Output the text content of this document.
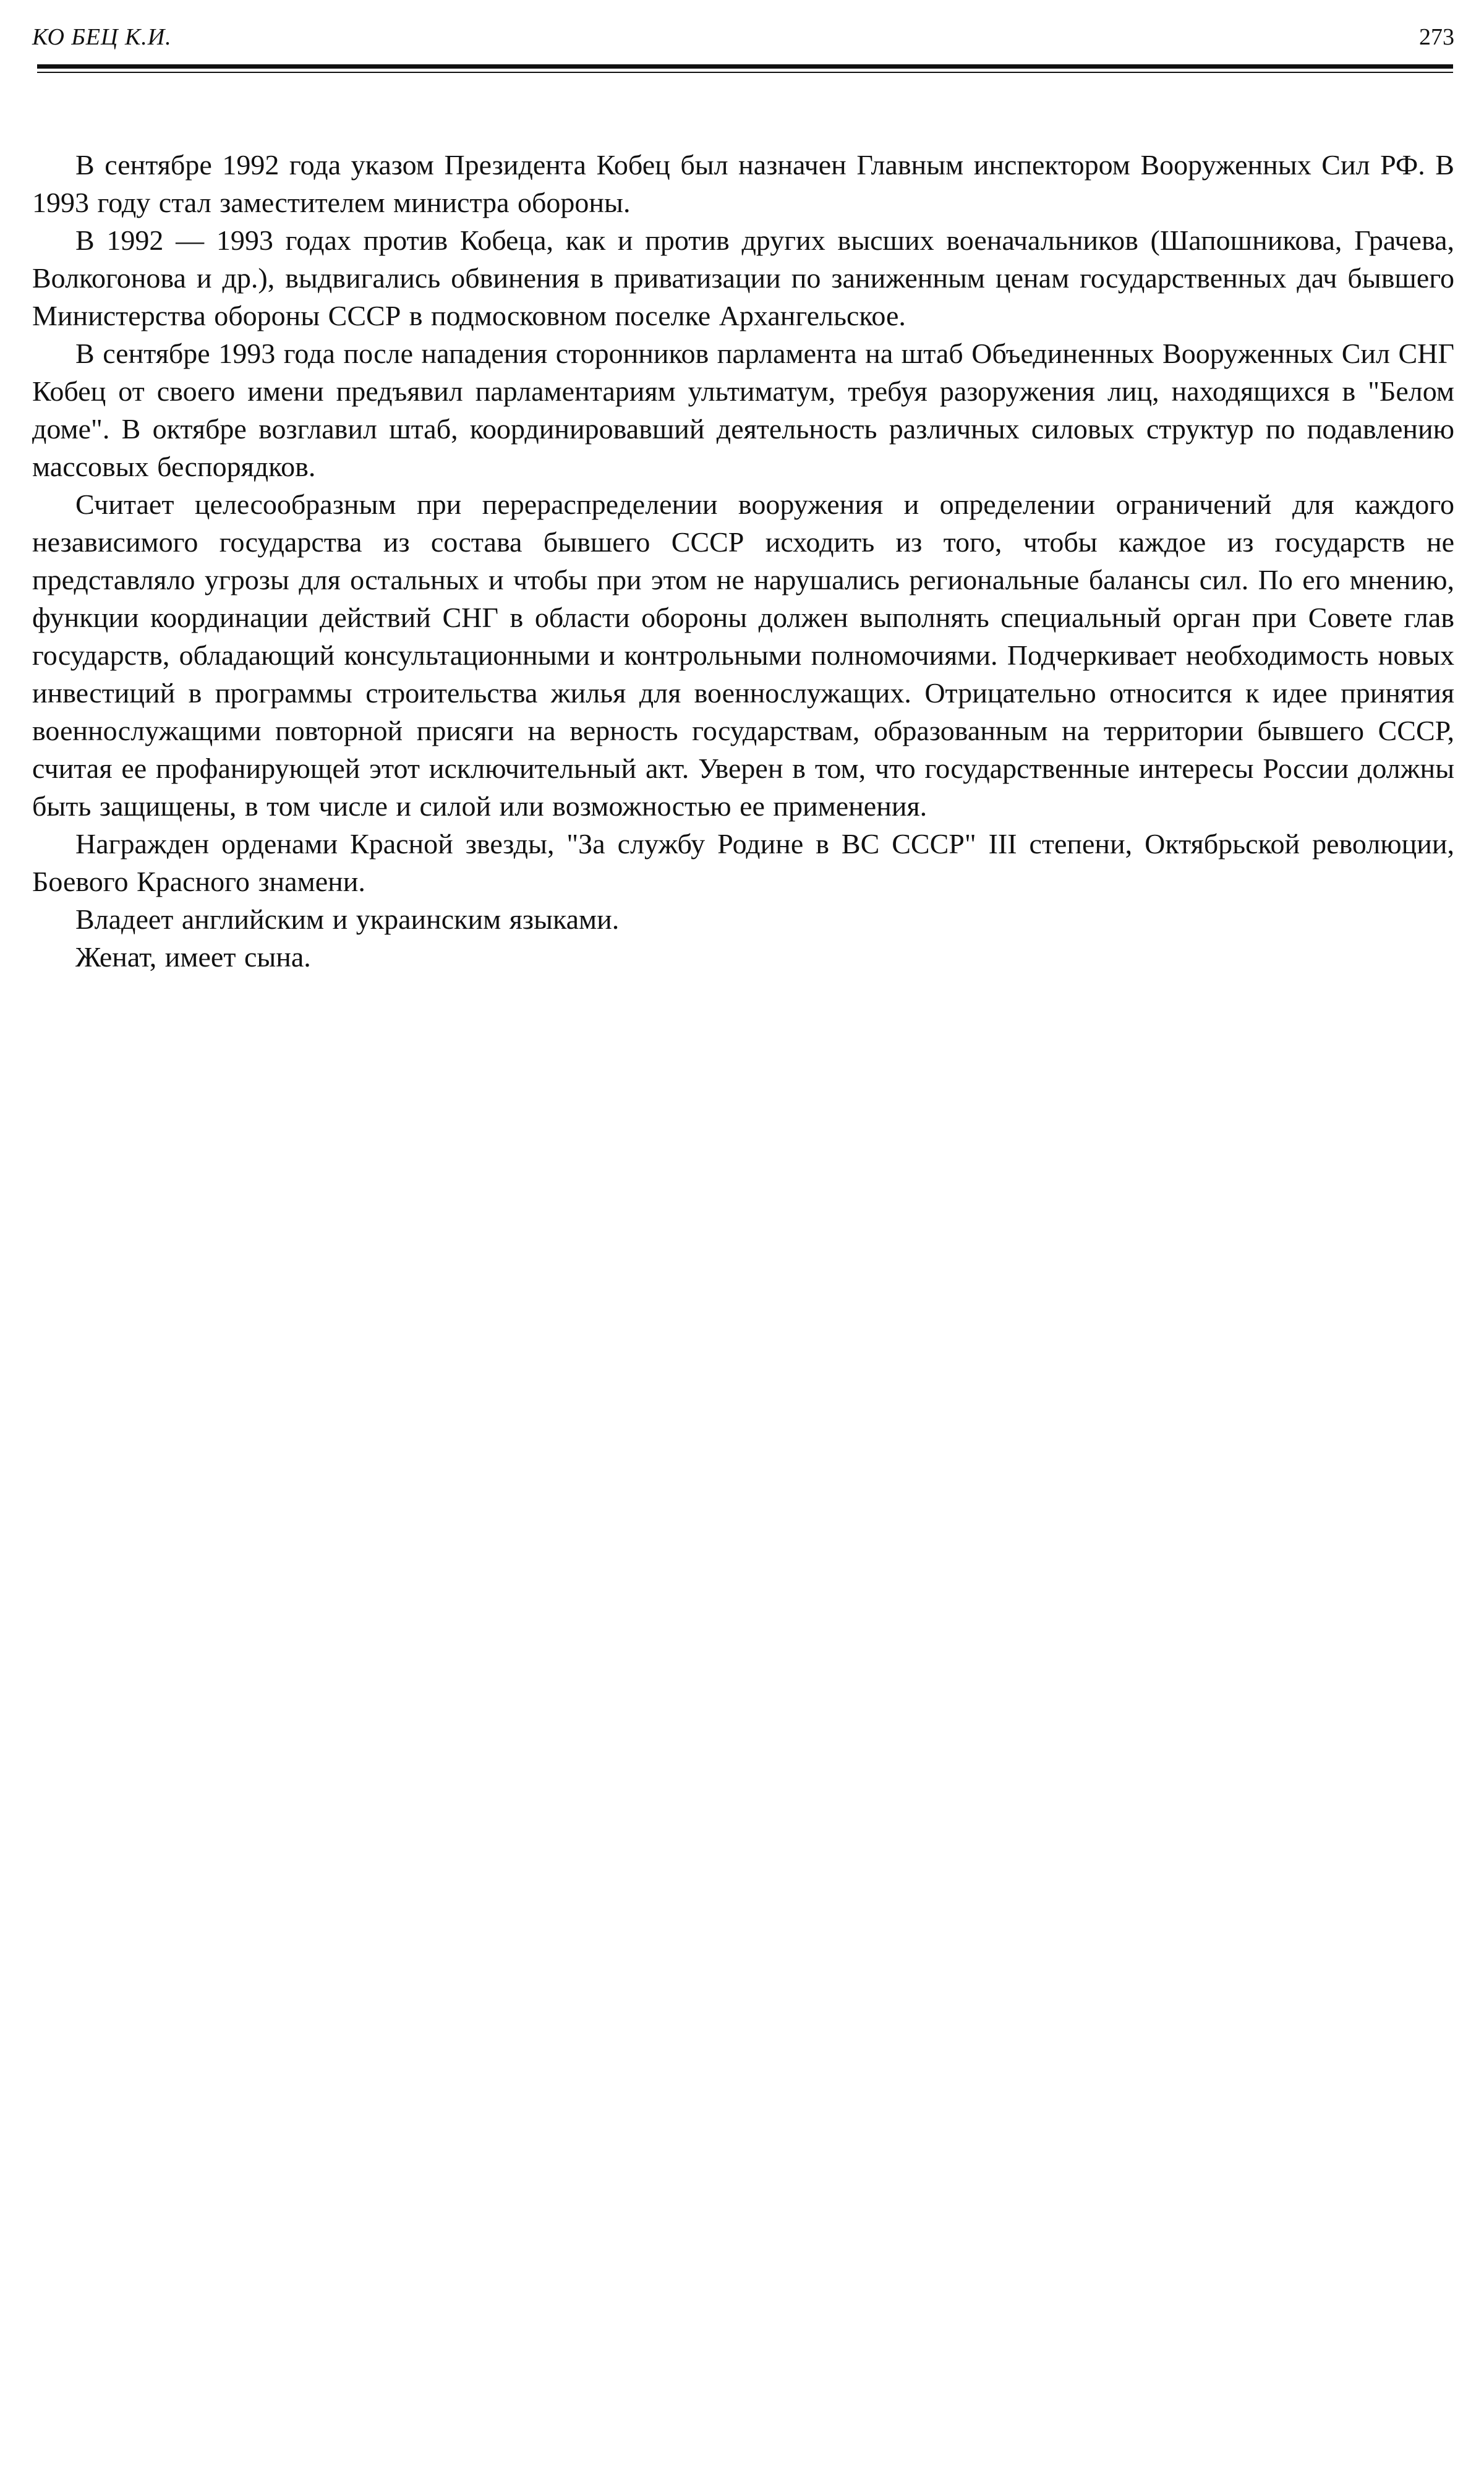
КО БЕЦ К.И.	273

В сентябре 1992 года указом Президента Кобец был назначен Главным инспектором Вооруженных Сил РФ. В 1993 году стал заместителем министра обороны.

В 1992 — 1993 годах против Кобеца, как и против других высших военачальников (Шапошникова, Грачева, Волкогонова и др.), выдвигались обвинения в приватизации по заниженным ценам государственных дач бывшего Министерства обороны СССР в подмосковном поселке Архангельское.

В сентябре 1993 года после нападения сторонников парламента на штаб Объединенных Вооруженных Сил СНГ Кобец от своего имени предъявил парламентариям ультиматум, требуя разоружения лиц, находящихся в "Белом доме". В октябре возглавил штаб, координировавший деятельность различных силовых структур по подавлению массовых беспорядков.

Считает целесообразным при перераспределении вооружения и определении ограничений для каждого независимого государства из состава бывшего СССР исходить из того, чтобы каждое из государств не представляло угрозы для остальных и чтобы при этом не нарушались региональные балансы сил. По его мнению, функции координации действий СНГ в области обороны должен выполнять специальный орган при Совете глав государств, обладающий консультационными и контрольными полномочиями. Подчеркивает необходимость новых инвестиций в программы строительства жилья для военнослужащих. Отрицательно относится к идее принятия военнослужащими повторной присяги на верность государствам, образованным на территории бывшего СССР, считая ее профанирующей этот исключительный акт. Уверен в том, что государственные интересы России должны быть защищены, в том числе и силой или возможностью ее применения.

Награжден орденами Красной звезды, "За службу Родине в ВС СССР" III степени, Октябрьской революции, Боевого Красного знамени.

Владеет английским и украинским языками.

Женат, имеет сына.
